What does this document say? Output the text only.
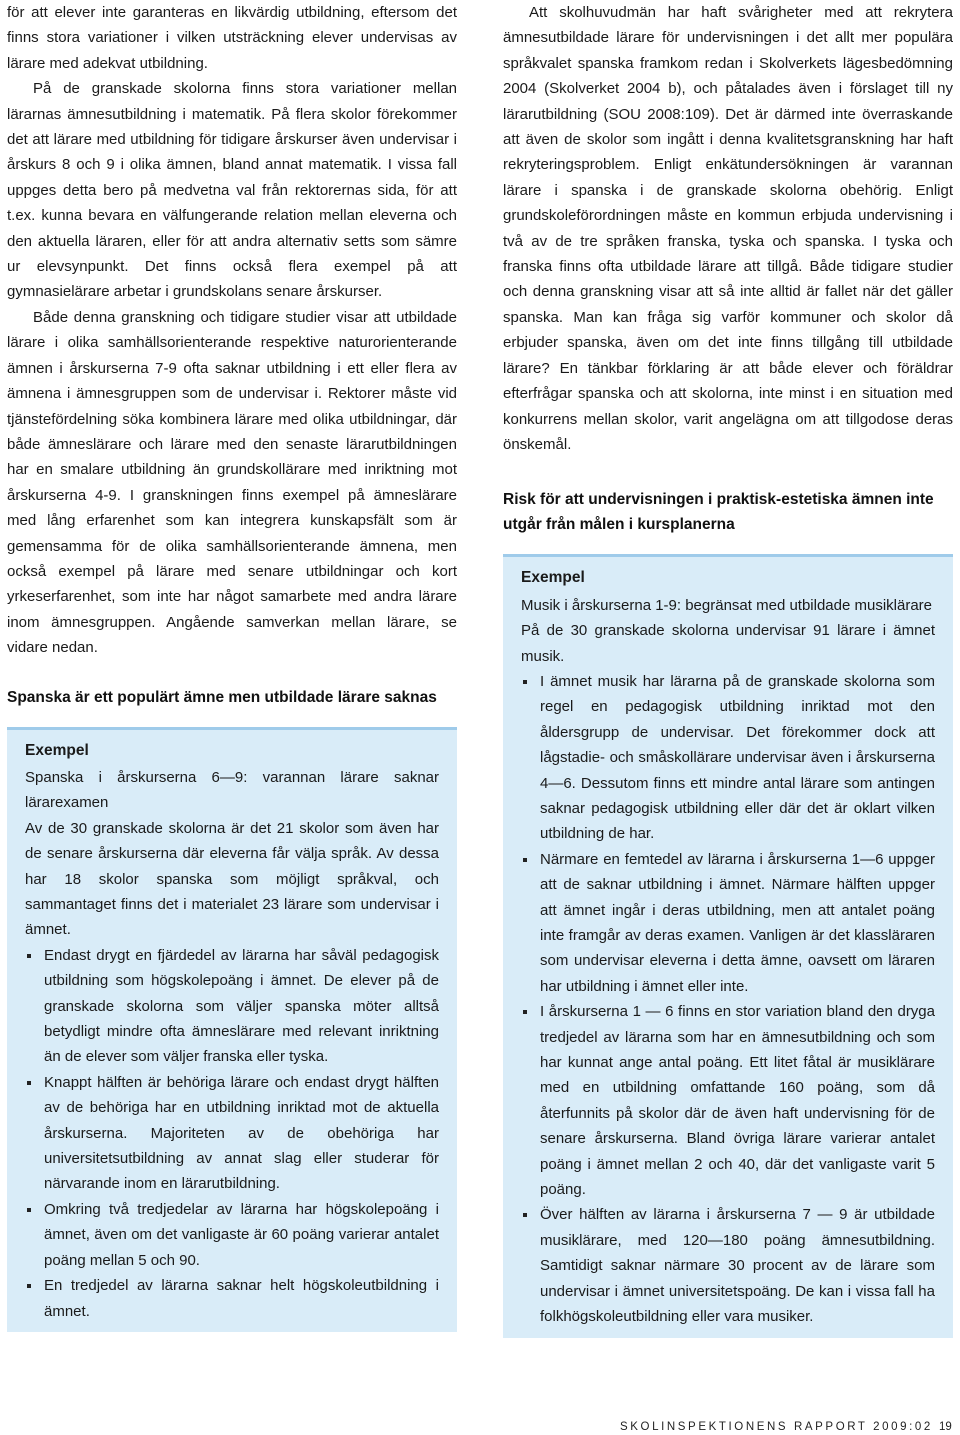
för att elever inte garanteras en likvärdig utbildning, eftersom det finns stora variationer i vilken utsträckning elever undervisas av lärare med adekvat utbildning.

På de granskade skolorna finns stora variationer mellan lärarnas ämnesutbildning i matematik. På flera skolor förekommer det att lärare med utbildning för tidigare årskurser även undervisar i årskurs 8 och 9 i olika ämnen, bland annat matematik. I vissa fall uppges detta bero på medvetna val från rektorernas sida, för att t.ex. kunna bevara en välfungerande relation mellan eleverna och den aktuella läraren, eller för att andra alternativ setts som sämre ur elevsynpunkt. Det finns också flera exempel på att gymnasielärare arbetar i grundskolans senare årskurser.

Både denna granskning och tidigare studier visar att utbildade lärare i olika samhällsorienterande respektive naturorienterande ämnen i årskurserna 7-9 ofta saknar utbildning i ett eller flera av ämnena i ämnesgruppen som de undervisar i. Rektorer måste vid tjänstefördelning söka kombinera lärare med olika utbildningar, där både ämneslärare och lärare med den senaste lärarutbildningen har en smalare utbildning än grundskollärare med inriktning mot årskurserna 4-9. I granskningen finns exempel på ämneslärare med lång erfarenhet som kan integrera kunskapsfält som är gemensamma för de olika samhällsorienterande ämnena, men också exempel på lärare med senare utbildningar och kort yrkeserfarenhet, som inte har något samarbete med andra lärare inom ämnesgruppen. Angående samverkan mellan lärare, se vidare nedan.

Spanska är ett populärt ämne men utbildade lärare saknas
Exempel

Spanska i årskurserna 6—9: varannan lärare saknar lärarexamen

Av de 30 granskade skolorna är det 21 skolor som även har de senare årskurserna där eleverna får välja språk. Av dessa har 18 skolor spanska som möjligt språkval, och sammantaget finns det i materialet 23 lärare som undervisar i ämnet.

Endast drygt en fjärdedel av lärarna har såväl pedagogisk utbildning som högskolepoäng i ämnet. De elever på de granskade skolorna som väljer spanska möter alltså betydligt mindre ofta ämneslärare med relevant inriktning än de elever som väljer franska eller tyska.
Knappt hälften är behöriga lärare och endast drygt hälften av de behöriga har en utbildning inriktad mot de aktuella årskurserna. Majoriteten av de obehöriga har universitetsutbildning av annat slag eller studerar för närvarande inom en lärarutbildning.
Omkring två tredjedelar av lärarna har högskolepoäng i ämnet, även om det vanligaste är 60 poäng varierar antalet poäng mellan 5 och 90.
En tredjedel av lärarna saknar helt högskoleutbildning i ämnet.

Att skolhuvudmän har haft svårigheter med att rekrytera ämnesutbildade lärare för undervisningen i det allt mer populära språkvalet spanska framkom redan i Skolverkets lägesbedömning 2004 (Skolverket 2004 b), och påtalades även i förslaget till ny lärarutbildning (SOU 2008:109). Det är därmed inte överraskande att även de skolor som ingått i denna kvalitetsgranskning har haft rekryteringsproblem. Enligt enkätundersökningen är varannan lärare i spanska i de granskade skolorna obehörig. Enligt grundskoleförordningen måste en kommun erbjuda undervisning i två av de tre språken franska, tyska och spanska. I tyska och franska finns ofta utbildade lärare att tillgå. Både tidigare studier och denna granskning visar att så inte alltid är fallet när det gäller spanska. Man kan fråga sig varför kommuner och skolor då erbjuder spanska, även om det inte finns tillgång till utbildade lärare? En tänkbar förklaring är att både elever och föräldrar efterfrågar spanska och att skolorna, inte minst i en situation med konkurrens mellan skolor, varit angelägna om att tillgodose deras önskemål.

Risk för att undervisningen i praktisk-estetiska ämnen inte utgår från målen i kursplanerna
Exempel

Musik i årskurserna 1-9: begränsat med utbildade musiklärare

På de 30 granskade skolorna undervisar 91 lärare i ämnet musik.

I ämnet musik har lärarna på de granskade skolorna som regel en pedagogisk utbildning inriktad mot den åldersgrupp de undervisar. Det förekommer dock att lågstadie- och småskollärare undervisar även i årskurserna 4—6. Dessutom finns ett mindre antal lärare som antingen saknar pedagogisk utbildning eller där det är oklart vilken utbildning de har.
Närmare en femtedel av lärarna i årskurserna 1—6 uppger att de saknar utbildning i ämnet. Närmare hälften uppger att ämnet ingår i deras utbildning, men att antalet poäng inte framgår av deras examen. Vanligen är det klassläraren som undervisar eleverna i detta ämne, oavsett om läraren har utbildning i ämnet eller inte.
I årskurserna 1 — 6 finns en stor variation bland den dryga tredjedel av lärarna som har en ämnesutbildning och som har kunnat ange antal poäng. Ett litet fåtal är musiklärare med en utbildning omfattande 160 poäng, som då återfunnits på skolor där de även haft undervisning för de senare årskurserna. Bland övriga lärare varierar antalet poäng i ämnet mellan 2 och 40, där det vanligaste varit 5 poäng.
Över hälften av lärarna i årskurserna 7 — 9 är utbildade musiklärare, med 120—180 poäng ämnesutbildning. Samtidigt saknar närmare 30 procent av de lärare som undervisar i ämnet universitetspoäng. De kan i vissa fall ha folkhögskoleutbildning eller vara musiker.
SKOLINSPEKTIONENS RAPPORT 2009:02 19
